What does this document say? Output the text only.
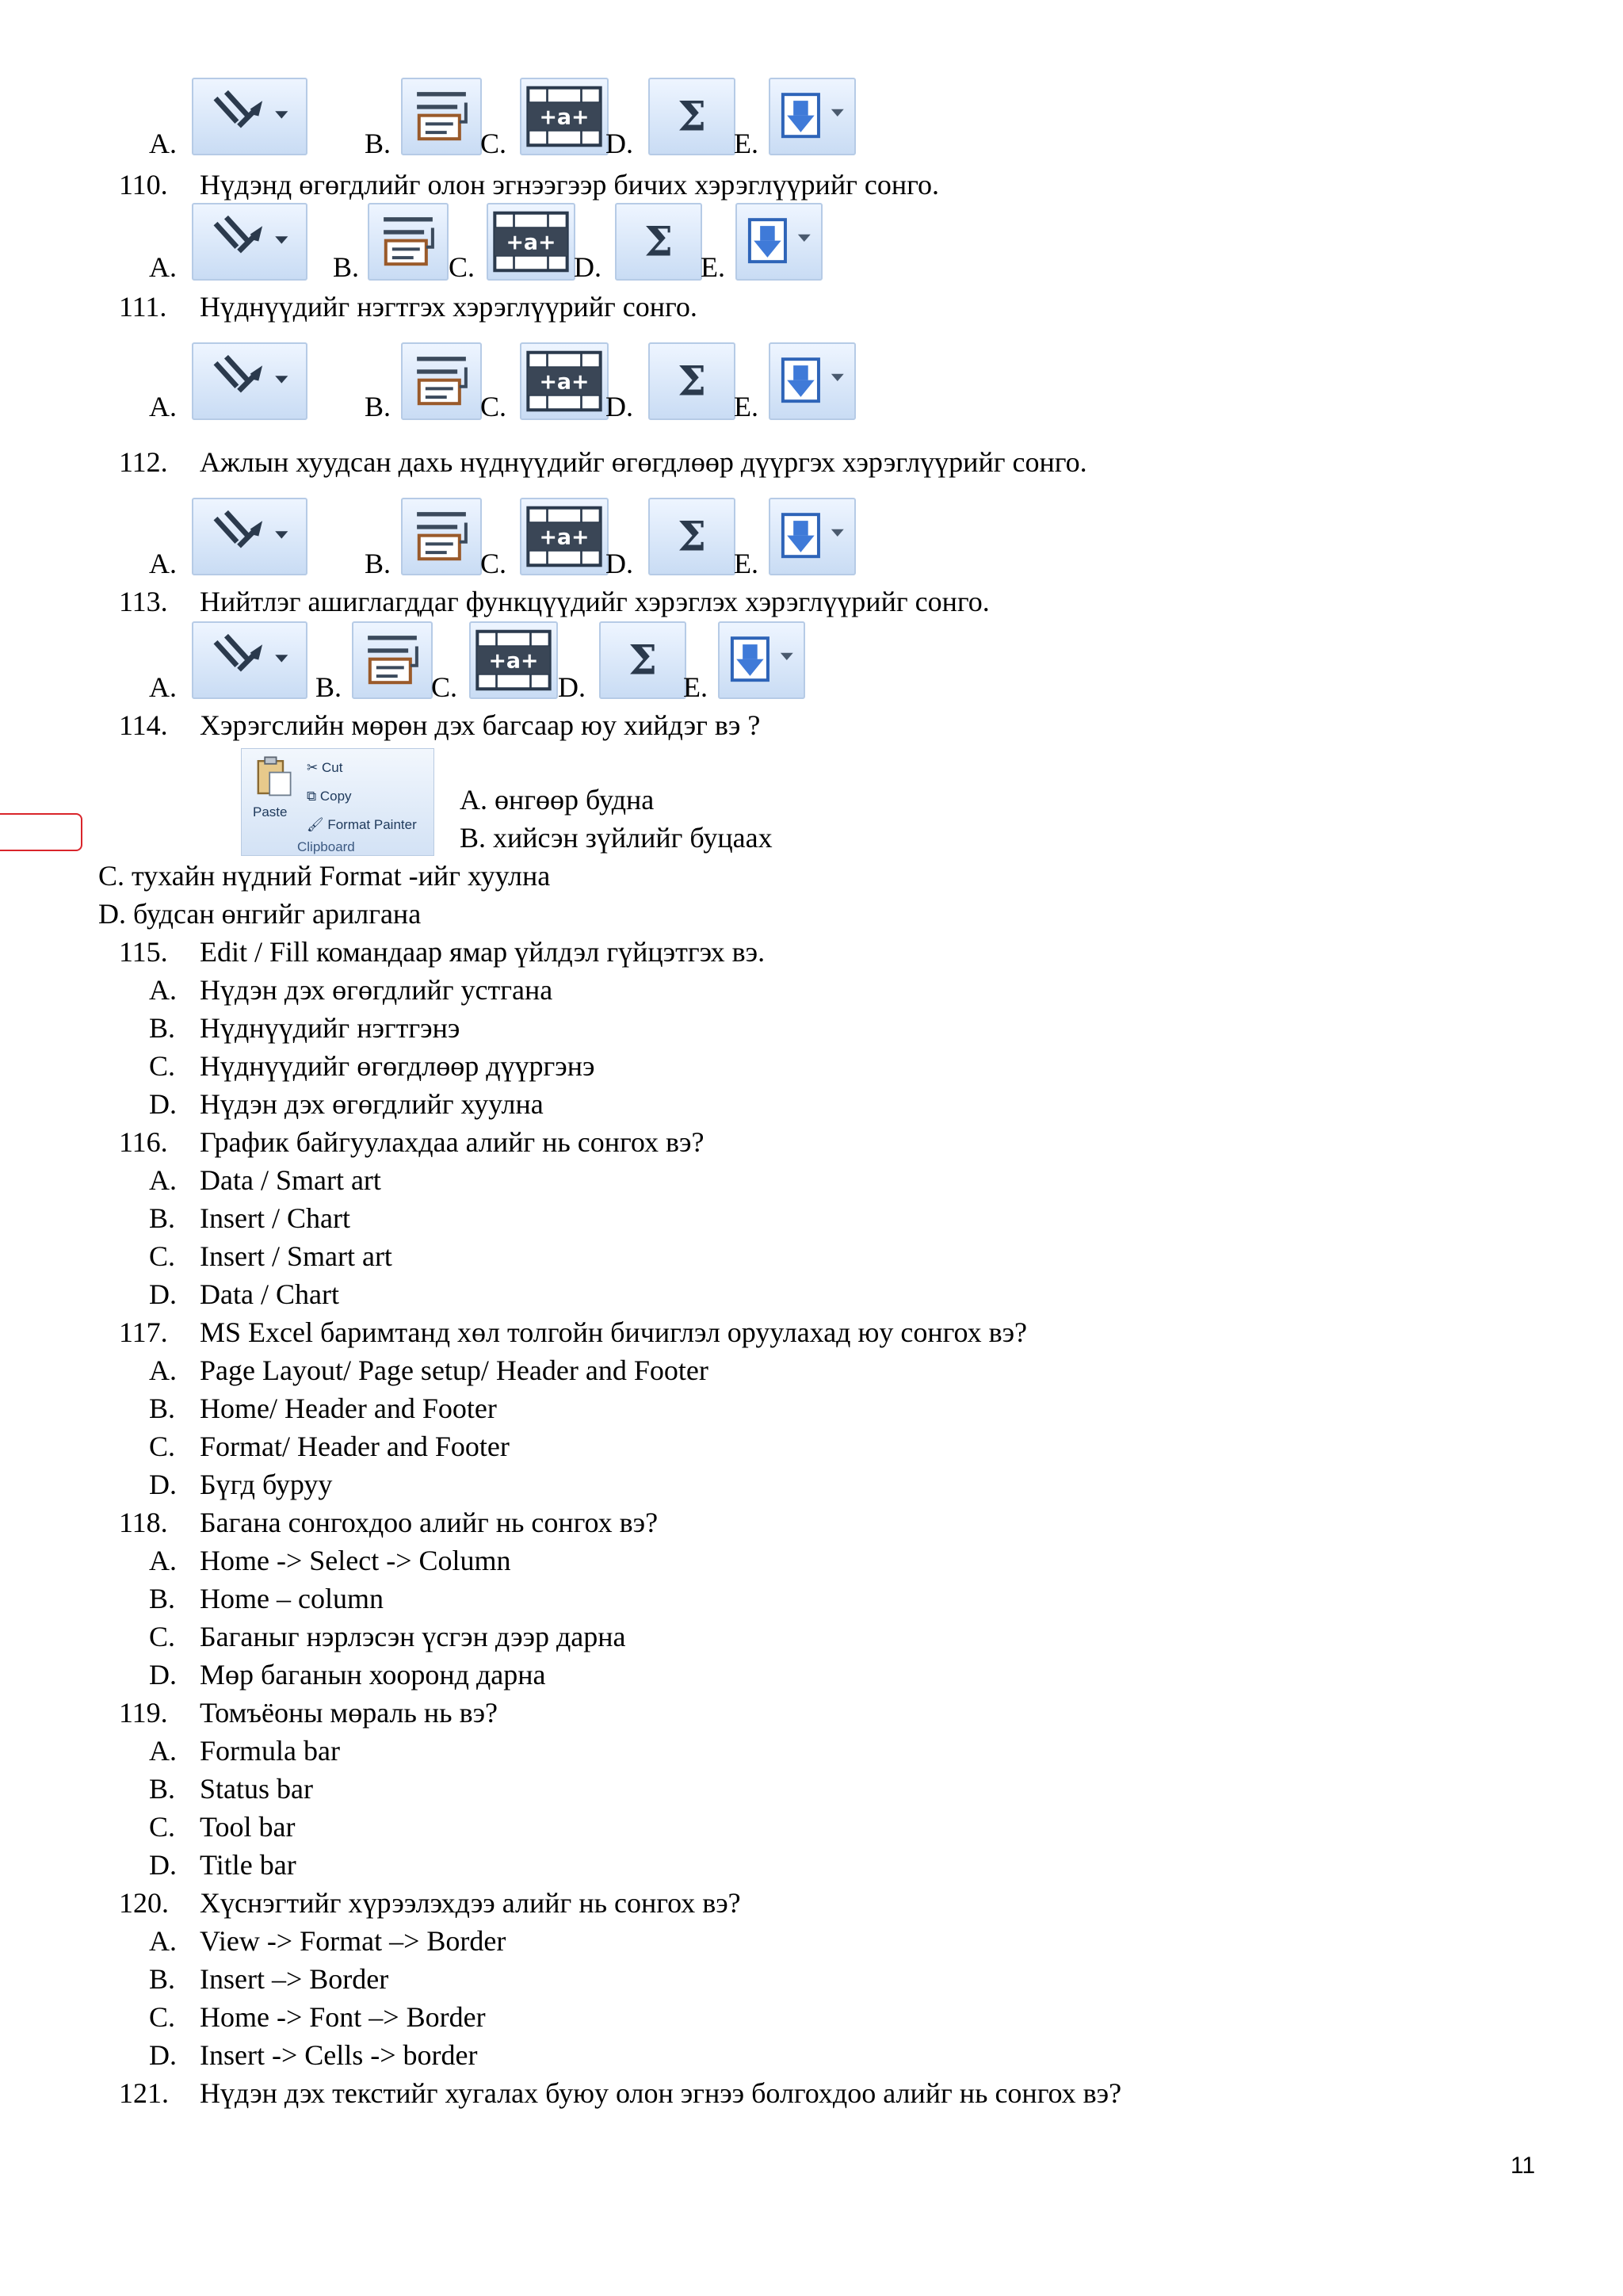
A.	B.	C.
+a+
D.
Σ
E.
110. Нүдэнд өгөгдлийг олон эгнээгээр бичих хэрэглүүрийг сонго.
A.	B.	C.
+a+
D.
Σ
E.
111. Нүднүүдийг нэгтгэх хэрэглүүрийг сонго.
A.	B.	C.
+a+
D.
Σ
E.
112. Ажлын хуудсан дахь нүднүүдийг өгөгдлөөр дүүргэх хэрэглүүрийг сонго.
A.	B.	C.
+a+
D.
Σ
E.
113. Нийтлэг ашиглагддаг функцүүдийг хэрэглэх хэрэглүүрийг сонго.
A.	B.	C.
+a+
D.
Σ
E.
114. Хэрэгслийн мөрөн дэх багсаар юу хийдэг вэ ?
Paste
✂ Cut
⧉ Copy
🖌 Format Painter
Clipboard
A. өнгөөр будна
B. хийсэн зүйлийг буцаах
C. тухайн нүдний Format -ийг хуулна
D. будсан өнгийг арилгана
115. Edit / Fill командаар ямар үйлдэл гүйцэтгэх вэ.
A. Нүдэн дэх өгөгдлийг устгана
B. Нүднүүдийг нэгтгэнэ
C. Нүднүүдийг өгөгдлөөр дүүргэнэ
D. Нүдэн дэх өгөгдлийг хуулна
116. График байгуулахдаа алийг нь сонгох вэ?
A. Data / Smart art
B. Insert / Chart
C. Insert / Smart art
D. Data / Chart
117. MS Excel баримтанд хөл толгойн бичиглэл оруулахад юу сонгох вэ?
A. Page Layout/ Page setup/ Header and Footer
B. Home/ Header and Footer
C. Format/ Header and Footer
D. Бүгд буруу
118. Багана сонгохдоо алийг нь сонгох вэ?
A. Home -> Select -> Column
B. Home – column
C. Баганыг нэрлэсэн үсгэн дээр дарна
D. Мөр баганын хооронд дарна
119. Томъёоны мөраль нь вэ?
A. Formula bar
B. Status bar
C. Tool bar
D. Title bar
120. Хүснэгтийг хүрээлэхдээ алийг нь сонгох вэ?
A. View -> Format –> Border
B. Insert –> Border
C. Home -> Font –> Border
D. Insert -> Cells -> border
121. Нүдэн дэх текстийг хугалах буюу олон эгнээ болгохдоо алийг нь сонгох вэ?
11
